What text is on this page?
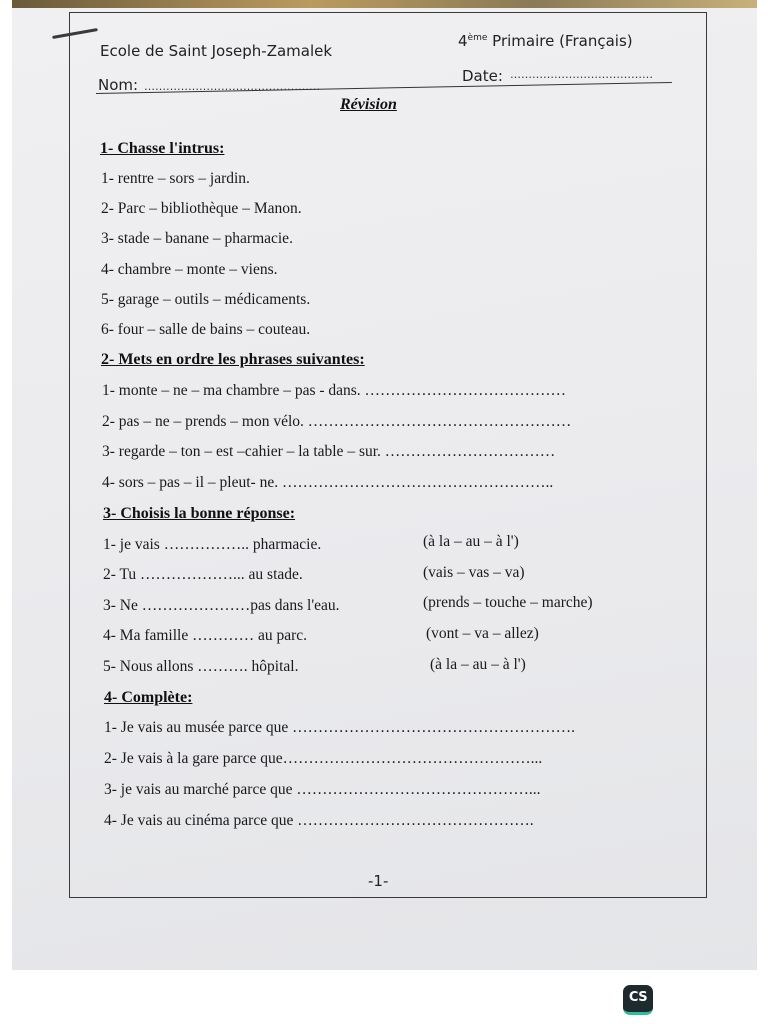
Ecole de Saint Joseph-Zamalek
4ème Primaire (Français)
Nom: …………………………………………
Date: …………………………………
Révision
1- Chasse l'intrus:
1- rentre – sors – jardin.
2- Parc – bibliothèque – Manon.
3- stade – banane – pharmacie.
4- chambre – monte – viens.
5- garage – outils – médicaments.
6- four – salle de bains – couteau.
2- Mets en ordre les phrases suivantes:
1- monte – ne – ma chambre – pas - dans. …………………………………
2- pas – ne – prends – mon vélo. ……………………………………………
3- regarde – ton – est –cahier – la table – sur. ……………………………
4- sors – pas – il – pleut- ne. ……………………………………………..
3- Choisis la bonne réponse:
1- je vais …………….. pharmacie.
2- Tu ………………... au stade.
3- Ne …………………pas dans l'eau.
4- Ma famille ………… au parc.
5- Nous allons ………. hôpital.
(à la – au – à l')
(vais – vas – va)
(prends – touche – marche)
(vont – va – allez)
(à la – au – à l')
4- Complète:
1- Je vais au musée parce que ……………………………………………….
2- Je vais à la gare parce que…………………………………………...
3- je vais au marché parce que ………………………………………...
4- Je vais au cinéma parce que ……………………………………….
-1-
CS
